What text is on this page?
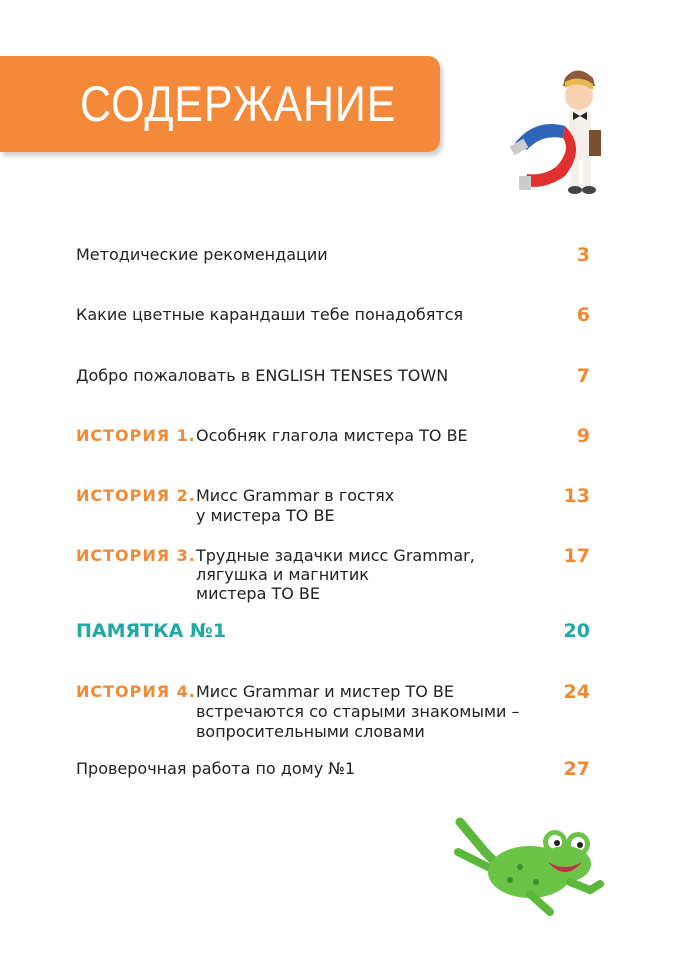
СОДЕРЖАНИЕ
Методические рекомендации	3
Какие цветные карандаши тебе понадобятся	6
Добро пожаловать в ENGLISH TENSES TOWN	7
ИСТОРИЯ 1. Особняк глагола мистера TO BE	9
ИСТОРИЯ 2. Мисс Grammar в гостях
у мистера TO BE
13
ИСТОРИЯ 3. Трудные задачки мисс Grammar,
лягушка и магнитик
мистера TO BE
17
ПАМЯТКА №1	20
ИСТОРИЯ 4. Мисс Grammar и мистер TO BE
встречаются со старыми знакомыми –
вопросительными словами
24
Проверочная работа по дому №1	27
